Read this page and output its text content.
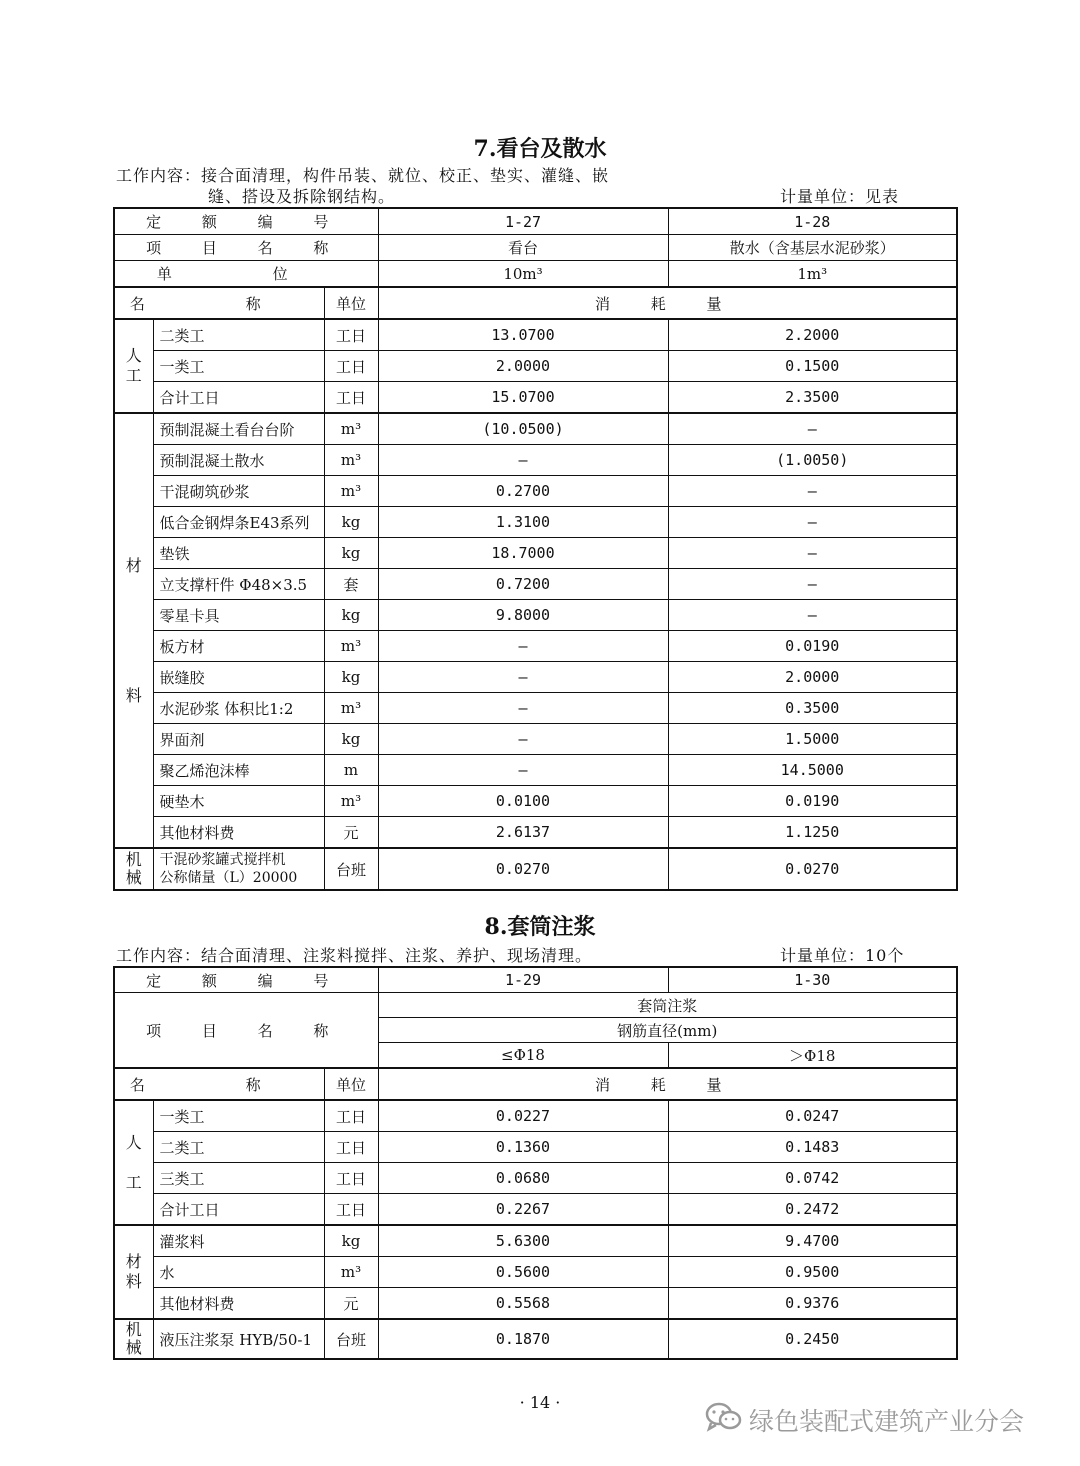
7.看台及散水
工作内容：接合面清理，构件吊装、就位、校正、垫实、灌缝、嵌
缝、搭设及拆除钢结构。	计量单位：见表
定 额 编 号			1-27	1-28
项 目 名 称			看台	散水（含基层水泥砂浆）
单 位			10m³	1m³
名 称		单位	消 耗 量	
人工	二类工	工日	13.0700	2.2000
	一类工	工日	2.0000	0.1500
	合计工日	工日	15.0700	2.3500

材
料	预制混凝土看台台阶	m³	(10.0500)	—
	预制混凝土散水	m³	—	(1.0050)
	干混砌筑砂浆	m³	0.2700	—
	低合金钢焊条E43系列	kg	1.3100	—
	垫铁	kg	18.7000	—
	立支撑杆件 Φ48×3.5	套	0.7200	—
	零星卡具	kg	9.8000	—
	板方材	m³	—	0.0190
	嵌缝胶	kg	—	2.0000
	水泥砂浆 体积比1:2	m³	—	0.3500
	界面剂	kg	—	1.5000
	聚乙烯泡沫棒	m	—	14.5000
	硬垫木	m³	0.0100	0.0190
	其他材料费	元	2.6137	1.1250
机械	干混砂浆罐式搅拌机
公称储量（L）20000	台班	0.0270	0.0270
8.套筒注浆
工作内容：结合面清理、注浆料搅拌、注浆、养护、现场清理。	计量单位：10个
定 额 编 号			1-29	1-30
项 目 名 称			套筒注浆	
			钢筋直径(mm)	
			≤Φ18	＞Φ18
名 称		单位	消 耗 量	

人
工	一类工	工日	0.0227	0.0247
	二类工	工日	0.1360	0.1483
	三类工	工日	0.0680	0.0742
	合计工日	工日	0.2267	0.2472
材料	灌浆料	kg	5.6300	9.4700
	水	m³	0.5600	0.9500
	其他材料费	元	0.5568	0.9376
机械	液压注浆泵 HYB/50-1	台班	0.1870	0.2450
· 14 ·
绿色装配式建筑产业分会
